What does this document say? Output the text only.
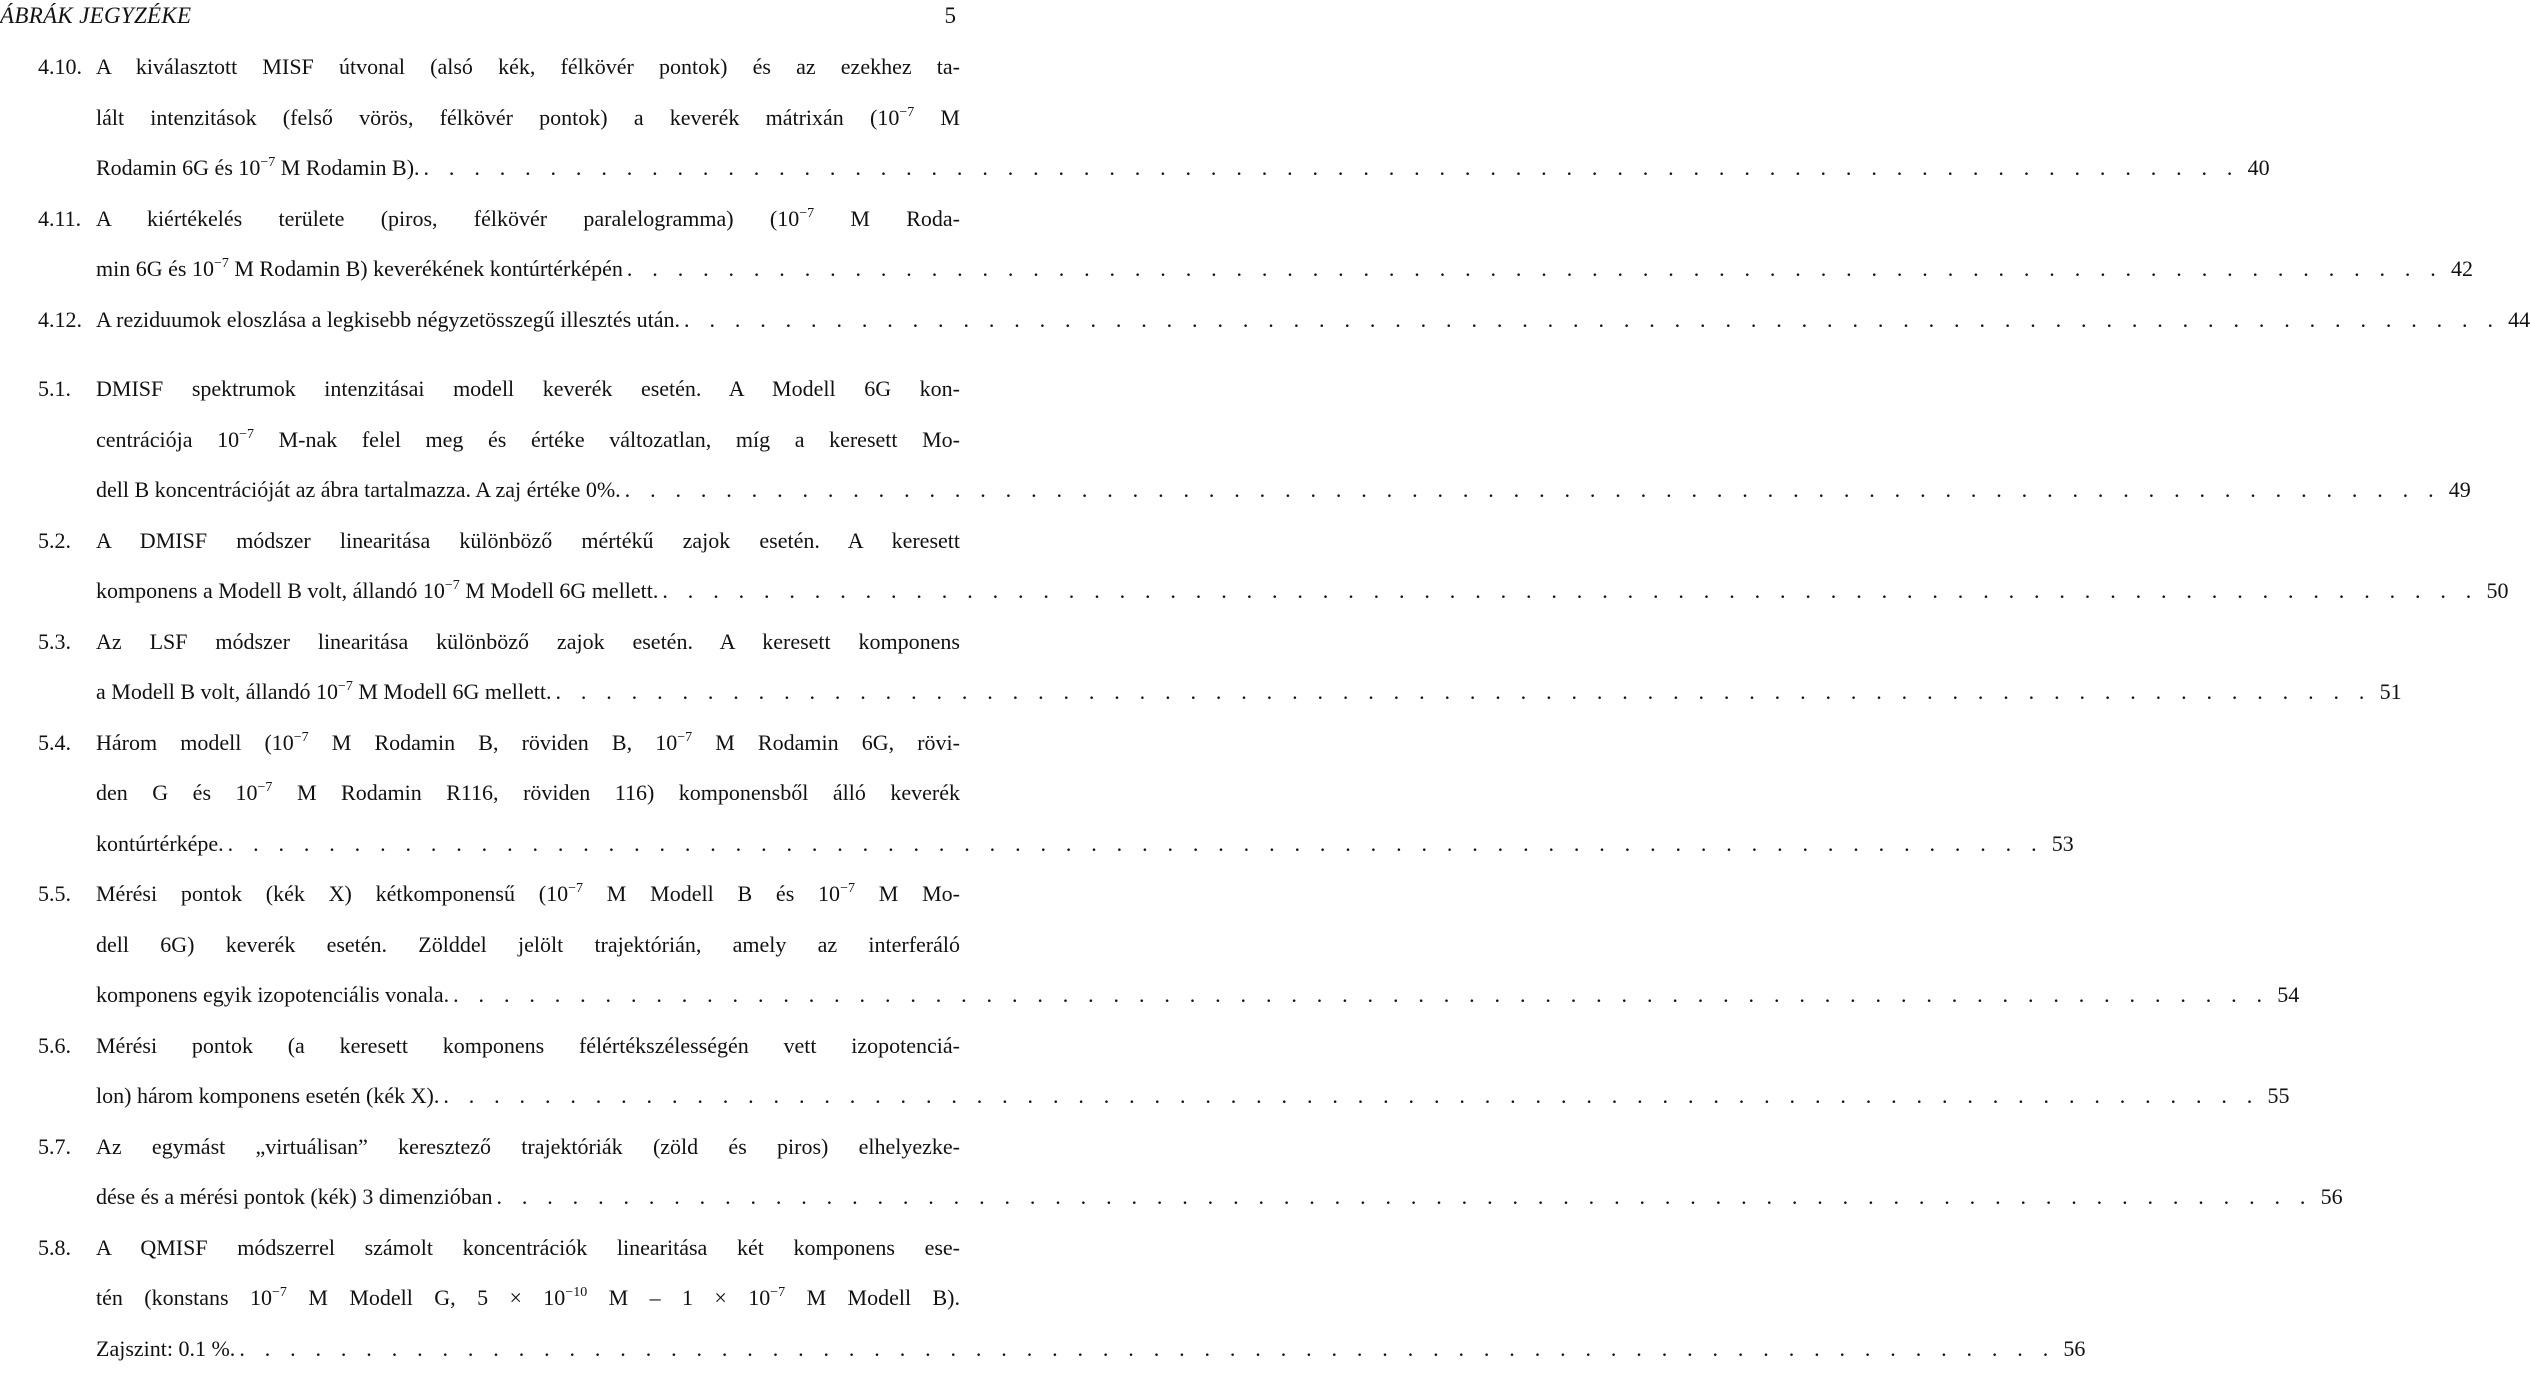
ÁBRÁK JEGYZÉKE	5
4.10. A kiválasztott MISF útvonal (alsó kék, félkövér pontok) és az ezekhez ta-
lált intenzitások (felső vörös, félkövér pontok) a keverék mátrixán ($10^{-7}$ M
Rodamin 6G és $10^{-7}$ M Rodamin B). . . . . . . . . . . . . . . . . . . . . . . . . . . . . . . . . . . . . . . . . . . . . . . . . . . . . . . . . . . . . . . . . . . . . . . . . 40
4.11. A kiértékelés területe (piros, félkövér paralelogramma) ($10^{-7}$ M Roda-
min 6G és $10^{-7}$ M Rodamin B) keverékének kontúrtérképén . . . . . . . . . . . . . . . . . . . . . . . . . . . . . . . . . . . . . . . . . . . . . . . . . . . . . . . . . . . . . . . . . . . . . . . . 42
4.12. A reziduumok eloszlása a legkisebb négyzetösszegű illesztés után. . . . . . . . . . . . . . . . . . . . . . . . . . . . . . . . . . . . . . . . . . . . . . . . . . . . . . . . . . . . . . . . . . . . . . . . . 44
5.1. DMISF spektrumok intenzitásai modell keverék esetén. A Modell 6G kon-
centrációja $10^{-7}$ M-nak felel meg és értéke változatlan, míg a keresett Mo-
dell B koncentrációját az ábra tartalmazza. A zaj értéke 0%. . . . . . . . . . . . . . . . . . . . . . . . . . . . . . . . . . . . . . . . . . . . . . . . . . . . . . . . . . . . . . . . . . . . . . . . . 49
5.2. A DMISF módszer linearitása különböző mértékű zajok esetén. A keresett
komponens a Modell B volt, állandó $10^{-7}$ M Modell 6G mellett. . . . . . . . . . . . . . . . . . . . . . . . . . . . . . . . . . . . . . . . . . . . . . . . . . . . . . . . . . . . . . . . . . . . . . . . . 50
5.3. Az LSF módszer linearitása különböző zajok esetén. A keresett komponens
a Modell B volt, állandó $10^{-7}$ M Modell 6G mellett. . . . . . . . . . . . . . . . . . . . . . . . . . . . . . . . . . . . . . . . . . . . . . . . . . . . . . . . . . . . . . . . . . . . . . . . . 51
5.4. Három modell ($10^{-7}$ M Rodamin B, röviden B, $10^{-7}$ M Rodamin 6G, rövi-
den G és $10^{-7}$ M Rodamin R116, röviden 116) komponensből álló keverék
kontúrtérképe. . . . . . . . . . . . . . . . . . . . . . . . . . . . . . . . . . . . . . . . . . . . . . . . . . . . . . . . . . . . . . . . . . . . . . . . . 53
5.5. Mérési pontok (kék X) kétkomponensű ($10^{-7}$ M Modell B és $10^{-7}$ M Mo-
dell 6G) keverék esetén. Zölddel jelölt trajektórián, amely az interferáló
komponens egyik izopotenciális vonala. . . . . . . . . . . . . . . . . . . . . . . . . . . . . . . . . . . . . . . . . . . . . . . . . . . . . . . . . . . . . . . . . . . . . . . . . 54
5.6. Mérési pontok (a keresett komponens félértékszélességén vett izopotenciá-
lon) három komponens esetén (kék X). . . . . . . . . . . . . . . . . . . . . . . . . . . . . . . . . . . . . . . . . . . . . . . . . . . . . . . . . . . . . . . . . . . . . . . . . 55
5.7. Az egymást „virtuálisan” keresztező trajektóriák (zöld és piros) elhelyezke-
dése és a mérési pontok (kék) 3 dimenzióban . . . . . . . . . . . . . . . . . . . . . . . . . . . . . . . . . . . . . . . . . . . . . . . . . . . . . . . . . . . . . . . . . . . . . . . . 56
5.8. A QMISF módszerrel számolt koncentrációk linearitása két komponens ese-
tén (konstans $10^{-7}$ M Modell G, $5 \times 10^{-10}$ $M - 1 \times 10^{-7}$ M Modell B).
Zajszint: 0.1 %. . . . . . . . . . . . . . . . . . . . . . . . . . . . . . . . . . . . . . . . . . . . . . . . . . . . . . . . . . . . . . . . . . . . . . . . . 56
